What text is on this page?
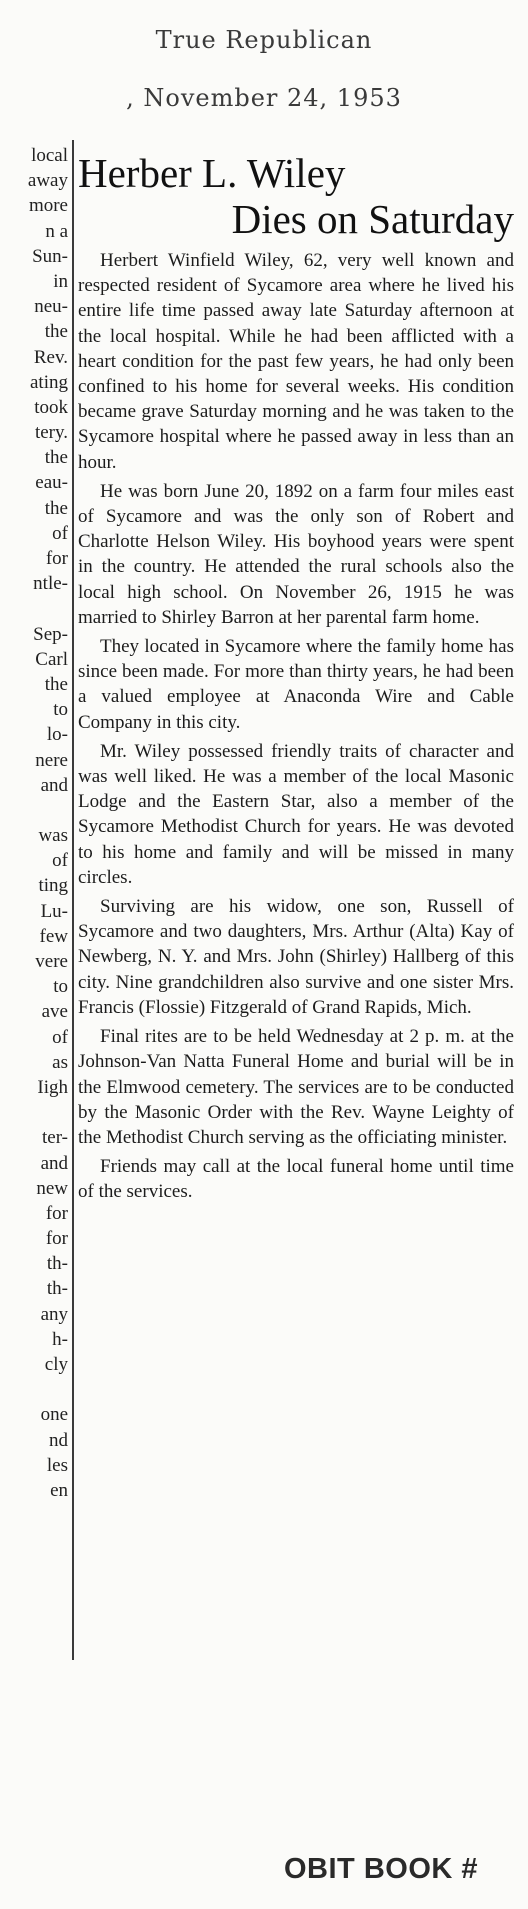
True Republican
, November 24, 1953
local
away
more
n a
Sun-
in
neu-
the
Rev.
ating
took
tery.
the
eau-
the
of
for
ntle-
Sep-
Carl
the
to
lo-
nere
and
was
of
ting
Lu-
few
vere
to
ave
of
as
Iigh
ter-
and
new
for
for
th-
th-
any
h-
cly
one
nd
les
en
Herber L. Wiley
Dies on Saturday

Herbert Winfield Wiley, 62, very well known and respected resident of Sycamore area where he lived his entire life time passed away late Saturday afternoon at the local hospital. While he had been afflicted with a heart condition for the past few years, he had only been confined to his home for several weeks. His condition became grave Saturday morning and he was taken to the Sycamore hospital where he passed away in less than an hour.

He was born June 20, 1892 on a farm four miles east of Sycamore and was the only son of Robert and Charlotte Helson Wiley. His boyhood years were spent in the country. He attended the rural schools also the local high school. On November 26, 1915 he was married to Shirley Barron at her parental farm home.

They located in Sycamore where the family home has since been made. For more than thirty years, he had been a valued employee at Anaconda Wire and Cable Company in this city.

Mr. Wiley possessed friendly traits of character and was well liked. He was a member of the local Masonic Lodge and the Eastern Star, also a member of the Sycamore Methodist Church for years. He was devoted to his home and family and will be missed in many circles.

Surviving are his widow, one son, Russell of Sycamore and two daughters, Mrs. Arthur (Alta) Kay of Newberg, N. Y. and Mrs. John (Shirley) Hallberg of this city. Nine grandchildren also survive and one sister Mrs. Francis (Flossie) Fitzgerald of Grand Rapids, Mich.

Final rites are to be held Wednesday at 2 p. m. at the Johnson-Van Natta Funeral Home and burial will be in the Elmwood cemetery. The services are to be conducted by the Masonic Order with the Rev. Wayne Leighty of the Methodist Church serving as the officiating minister.

Friends may call at the local funeral home until time of the services.

OBIT BOOK #
